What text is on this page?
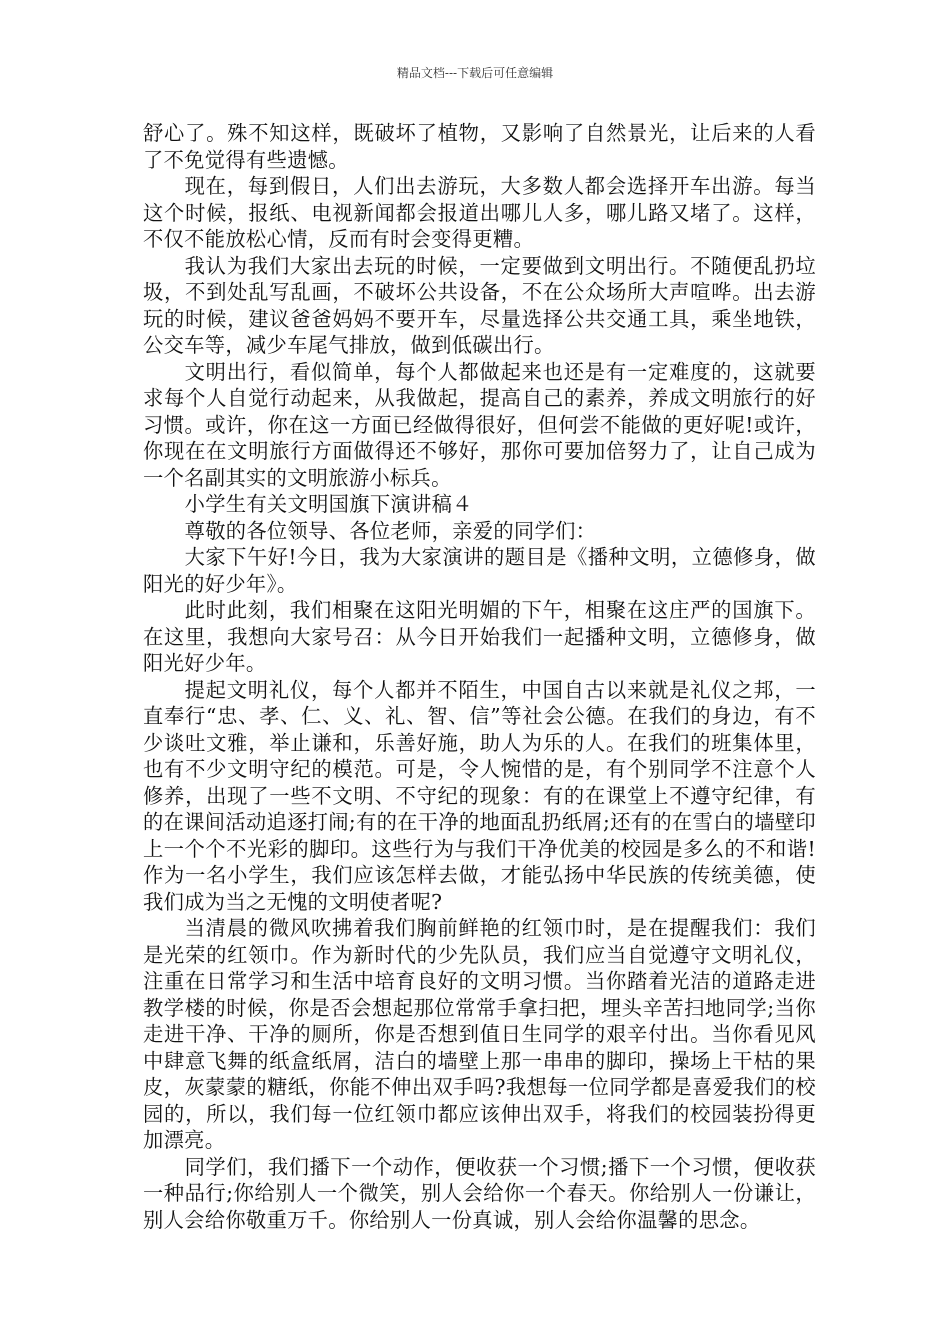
精品文档---下载后可任意编辑

舒心了。殊不知这样，既破坏了植物，又影响了自然景光，让后来的人看了不免觉得有些遗憾。

现在，每到假日，人们出去游玩，大多数人都会选择开车出游。每当这个时候，报纸、电视新闻都会报道出哪儿人多，哪儿路又堵了。这样，不仅不能放松心情，反而有时会变得更糟。

我认为我们大家出去玩的时候，一定要做到文明出行。不随便乱扔垃圾，不到处乱写乱画，不破坏公共设备，不在公众场所大声喧哗。出去游玩的时候，建议爸爸妈妈不要开车，尽量选择公共交通工具，乘坐地铁，公交车等，减少车尾气排放，做到低碳出行。

文明出行，看似简单，每个人都做起来也还是有一定难度的，这就要求每个人自觉行动起来，从我做起，提高自己的素养，养成文明旅行的好习惯。或许，你在这一方面已经做得很好，但何尝不能做的更好呢!或许，你现在在文明旅行方面做得还不够好，那你可要加倍努力了，让自己成为一个名副其实的文明旅游小标兵。

小学生有关文明国旗下演讲稿４

尊敬的各位领导、各位老师，亲爱的同学们：

大家下午好!今日，我为大家演讲的题目是《播种文明，立德修身，做阳光的好少年》。

此时此刻，我们相聚在这阳光明媚的下午，相聚在这庄严的国旗下。在这里，我想向大家号召：从今日开始我们一起播种文明，立德修身，做阳光好少年。

提起文明礼仪，每个人都并不陌生，中国自古以来就是礼仪之邦，一直奉行“忠、孝、仁、义、礼、智、信”等社会公德。在我们的身边，有不少谈吐文雅，举止谦和，乐善好施，助人为乐的人。在我们的班集体里，也有不少文明守纪的模范。可是，令人惋惜的是，有个别同学不注意个人修养，出现了一些不文明、不守纪的现象：有的在课堂上不遵守纪律，有的在课间活动追逐打闹;有的在干净的地面乱扔纸屑;还有的在雪白的墙壁印上一个个不光彩的脚印。这些行为与我们干净优美的校园是多么的不和谐!作为一名小学生，我们应该怎样去做，才能弘扬中华民族的传统美德，使我们成为当之无愧的文明使者呢?

当清晨的微风吹拂着我们胸前鲜艳的红领巾时，是在提醒我们：我们是光荣的红领巾。作为新时代的少先队员，我们应当自觉遵守文明礼仪，注重在日常学习和生活中培育良好的文明习惯。当你踏着光洁的道路走进教学楼的时候，你是否会想起那位常常手拿扫把，埋头辛苦扫地同学;当你走进干净、干净的厕所，你是否想到值日生同学的艰辛付出。当你看见风中肆意飞舞的纸盒纸屑，洁白的墙壁上那一串串的脚印，操场上干枯的果皮，灰蒙蒙的糖纸，你能不伸出双手吗?我想每一位同学都是喜爱我们的校园的，所以，我们每一位红领巾都应该伸出双手，将我们的校园装扮得更加漂亮。

同学们，我们播下一个动作，便收获一个习惯;播下一个习惯，便收获一种品行;你给别人一个微笑，别人会给你一个春天。你给别人一份谦让，别人会给你敬重万千。你给别人一份真诚，别人会给你温馨的思念。
